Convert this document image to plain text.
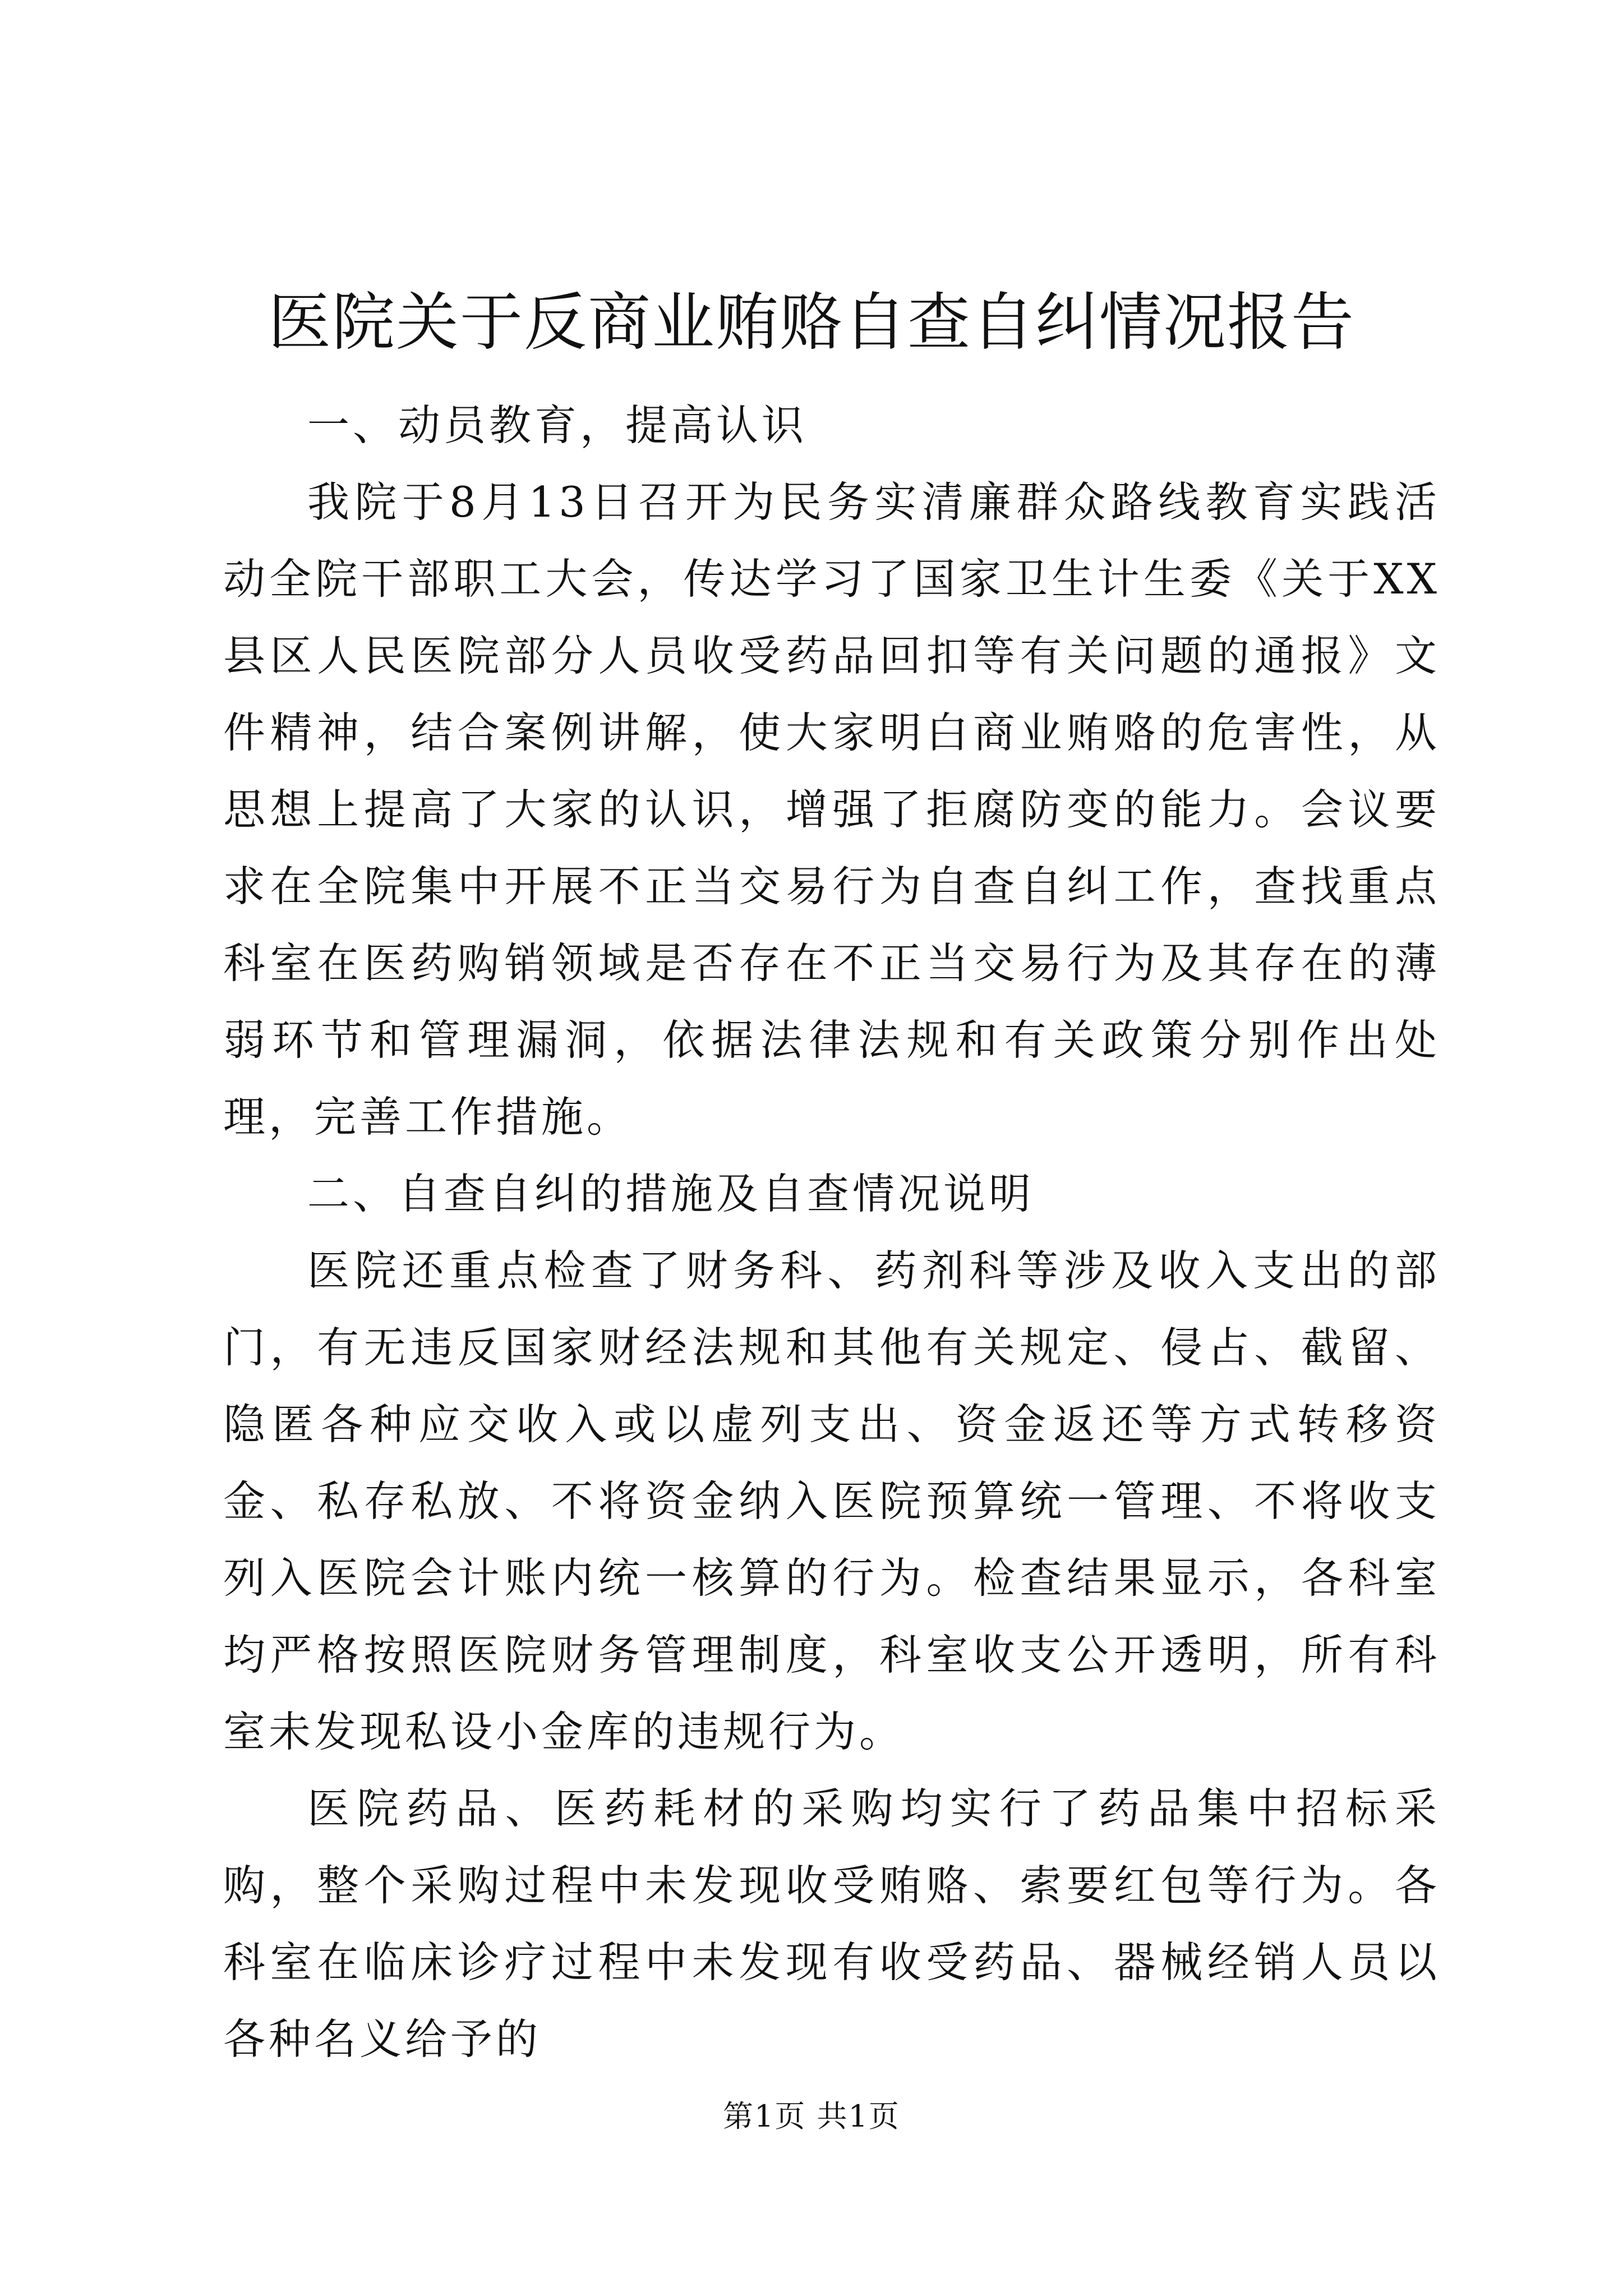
医院关于反商业贿赂自查自纠情况报告

一、动员教育，提高认识

我院于8月13日召开为民务实清廉群众路线教育实践活动全院干部职工大会，传达学习了国家卫生计生委《关于XX县区人民医院部分人员收受药品回扣等有关问题的通报》文件精神，结合案例讲解，使大家明白商业贿赂的危害性，从思想上提高了大家的认识，增强了拒腐防变的能力。会议要求在全院集中开展不正当交易行为自查自纠工作，查找重点科室在医药购销领域是否存在不正当交易行为及其存在的薄弱环节和管理漏洞，依据法律法规和有关政策分别作出处理，完善工作措施。

二、自查自纠的措施及自查情况说明

医院还重点检查了财务科、药剂科等涉及收入支出的部门，有无违反国家财经法规和其他有关规定、侵占、截留、隐匿各种应交收入或以虚列支出、资金返还等方式转移资金、私存私放、不将资金纳入医院预算统一管理、不将收支列入医院会计账内统一核算的行为。检查结果显示，各科室均严格按照医院财务管理制度，科室收支公开透明，所有科室未发现私设小金库的违规行为。

医院药品、医药耗材的采购均实行了药品集中招标采购，整个采购过程中未发现收受贿赂、索要红包等行为。各科室在临床诊疗过程中未发现有收受药品、器械经销人员以各种名义给予的

第1页 共1页
